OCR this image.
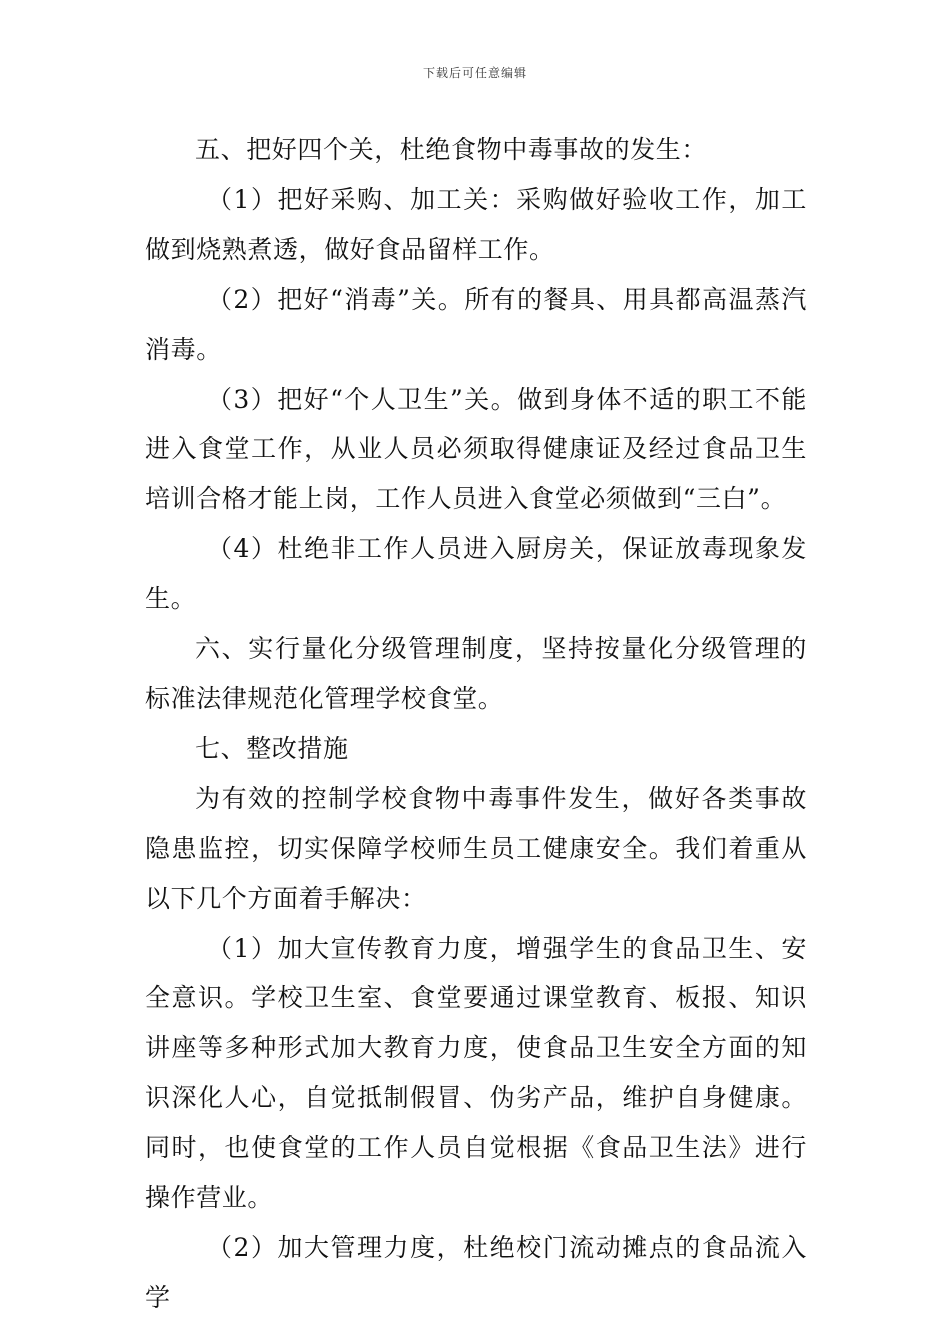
下载后可任意编辑

五、把好四个关，杜绝食物中毒事故的发生：

（1）把好采购、加工关：采购做好验收工作，加工做到烧熟煮透，做好食品留样工作。

（2）把好“消毒”关。所有的餐具、用具都高温蒸汽消毒。

（3）把好“个人卫生”关。做到身体不适的职工不能进入食堂工作，从业人员必须取得健康证及经过食品卫生培训合格才能上岗，工作人员进入食堂必须做到“三白”。

（4）杜绝非工作人员进入厨房关，保证放毒现象发生。

六、实行量化分级管理制度，坚持按量化分级管理的标准法律规范化管理学校食堂。

七、整改措施

为有效的控制学校食物中毒事件发生，做好各类事故隐患监控，切实保障学校师生员工健康安全。我们着重从以下几个方面着手解决：

（1）加大宣传教育力度，增强学生的食品卫生、安全意识。学校卫生室、食堂要通过课堂教育、板报、知识讲座等多种形式加大教育力度，使食品卫生安全方面的知识深化人心，自觉抵制假冒、伪劣产品，维护自身健康。同时，也使食堂的工作人员自觉根据《食品卫生法》进行操作营业。

（2）加大管理力度，杜绝校门流动摊点的食品流入学
